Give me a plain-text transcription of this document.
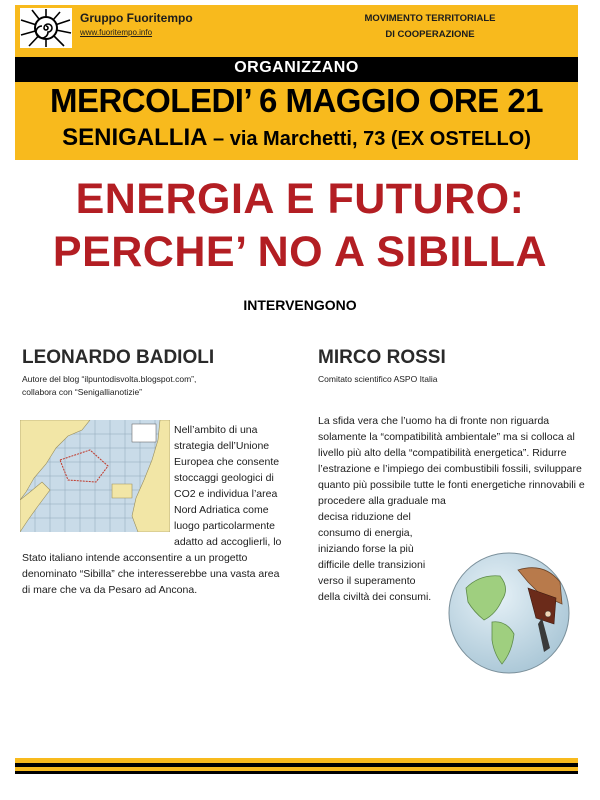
Gruppo Fuoritempo
www.fuoritempo.info
MOVIMENTO TERRITORIALE
DI COOPERAZIONE
ORGANIZZANO
MERCOLEDI’ 6 MAGGIO ORE 21
SENIGALLIA – via Marchetti, 73 (EX OSTELLO)
ENERGIA E FUTURO:
PERCHE’ NO A SIBILLA
INTERVENGONO
LEONARDO BADIOLI
Autore del blog “ilpuntodisvolta.blogspot.com”,
collabora con “Senigallianotizie”
Nell’ambito di una strategia dell’Unione Europea che consente stoccaggi geologici di CO2 e individua l’area Nord Adriatica come luogo particolarmente adatto ad accoglierli, lo Stato italiano intende acconsentire a un progetto denominato “Sibilla” che interesserebbe una vasta area di mare che va da Pesaro ad Ancona.
MIRCO ROSSI
Comitato scientifico ASPO Italia
La sfida vera che l’uomo ha di fronte non riguarda solamente la “compatibilità ambientale” ma si colloca al livello più alto della “compatibilità energetica”. Ridurre l’estrazione e l’impiego dei combustibili fossili, sviluppare quanto più possibile tutte le fonti energetiche rinnovabili e procedere alla graduale ma
decisa riduzione del consumo di energia, iniziando forse la più difficile delle transizioni verso il superamento della civiltà dei consumi.
